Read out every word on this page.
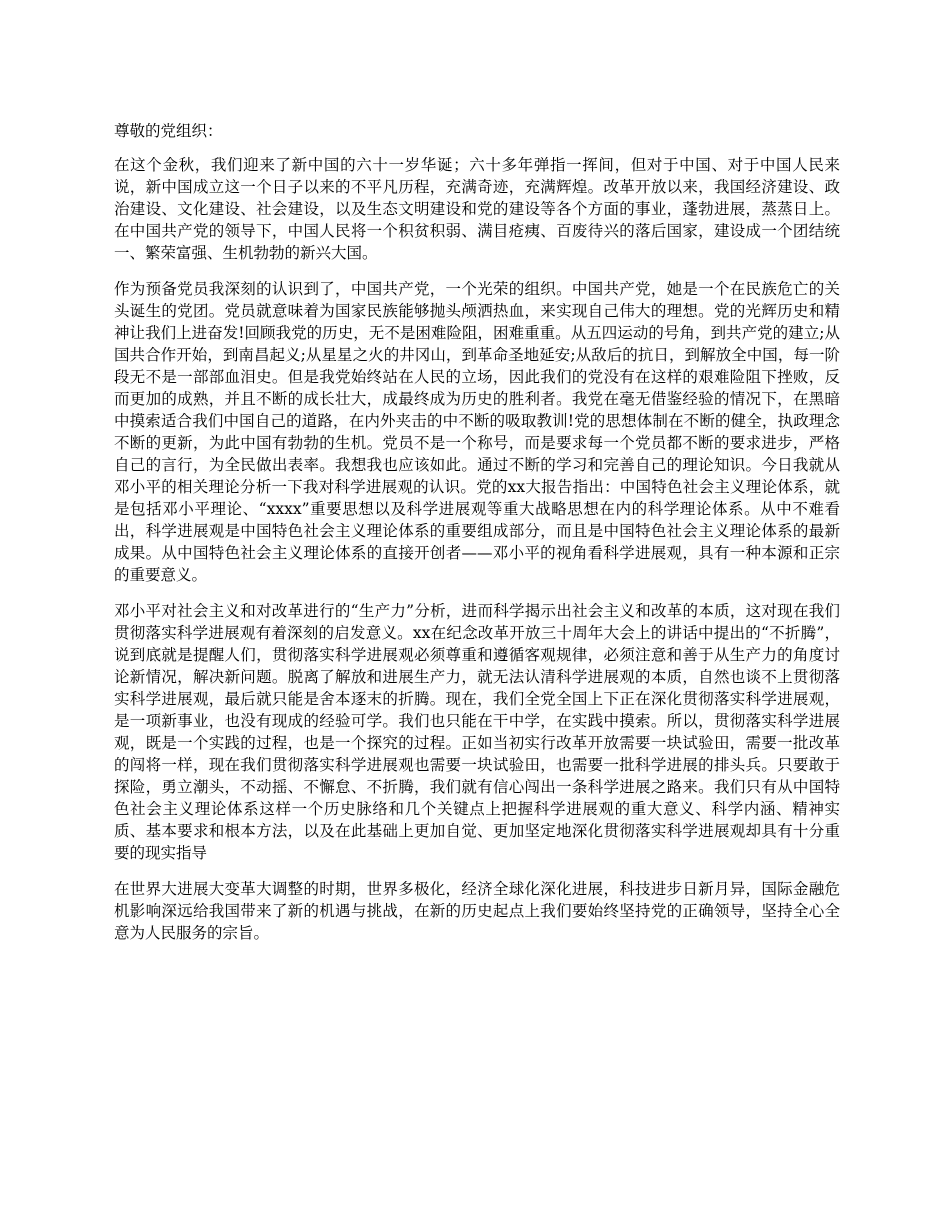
尊敬的党组织：

在这个金秋，我们迎来了新中国的六十一岁华诞；六十多年弹指一挥间，但对于中国、对于中国人民来说，新中国成立这一个日子以来的不平凡历程，充满奇迹，充满辉煌。改革开放以来，我国经济建设、政治建设、文化建设、社会建设，以及生态文明建设和党的建设等各个方面的事业，蓬勃进展，蒸蒸日上。在中国共产党的领导下，中国人民将一个积贫积弱、满目疮痍、百废待兴的落后国家，建设成一个团结统一、繁荣富强、生机勃勃的新兴大国。

作为预备党员我深刻的认识到了，中国共产党，一个光荣的组织。中国共产党，她是一个在民族危亡的关头诞生的党团。党员就意味着为国家民族能够抛头颅洒热血，来实现自己伟大的理想。党的光辉历史和精神让我们上进奋发!回顾我党的历史，无不是困难险阻，困难重重。从五四运动的号角，到共产党的建立;从国共合作开始，到南昌起义;从星星之火的井冈山，到革命圣地延安;从敌后的抗日，到解放全中国，每一阶段无不是一部部血泪史。但是我党始终站在人民的立场，因此我们的党没有在这样的艰难险阻下挫败，反而更加的成熟，并且不断的成长壮大，成最终成为历史的胜利者。我党在毫无借鉴经验的情况下，在黑暗中摸索适合我们中国自己的道路，在内外夹击的中不断的吸取教训!党的思想体制在不断的健全，执政理念不断的更新，为此中国有勃勃的生机。党员不是一个称号，而是要求每一个党员都不断的要求进步，严格自己的言行，为全民做出表率。我想我也应该如此。通过不断的学习和完善自己的理论知识。今日我就从邓小平的相关理论分析一下我对科学进展观的认识。党的xx大报告指出：中国特色社会主义理论体系，就是包括邓小平理论、“xxxx”重要思想以及科学进展观等重大战略思想在内的科学理论体系。从中不难看出，科学进展观是中国特色社会主义理论体系的重要组成部分，而且是中国特色社会主义理论体系的最新成果。从中国特色社会主义理论体系的直接开创者——邓小平的视角看科学进展观，具有一种本源和正宗的重要意义。

邓小平对社会主义和对改革进行的“生产力”分析，进而科学揭示出社会主义和改革的本质，这对现在我们贯彻落实科学进展观有着深刻的启发意义。xx在纪念改革开放三十周年大会上的讲话中提出的“不折腾”，说到底就是提醒人们，贯彻落实科学进展观必须尊重和遵循客观规律，必须注意和善于从生产力的角度讨论新情况，解决新问题。脱离了解放和进展生产力，就无法认清科学进展观的本质，自然也谈不上贯彻落实科学进展观，最后就只能是舍本逐末的折腾。现在，我们全党全国上下正在深化贯彻落实科学进展观，是一项新事业，也没有现成的经验可学。我们也只能在干中学，在实践中摸索。所以，贯彻落实科学进展观，既是一个实践的过程，也是一个探究的过程。正如当初实行改革开放需要一块试验田，需要一批改革的闯将一样，现在我们贯彻落实科学进展观也需要一块试验田，也需要一批科学进展的排头兵。只要敢于探险，勇立潮头，不动摇、不懈怠、不折腾，我们就有信心闯出一条科学进展之路来。我们只有从中国特色社会主义理论体系这样一个历史脉络和几个关键点上把握科学进展观的重大意义、科学内涵、精神实质、基本要求和根本方法，以及在此基础上更加自觉、更加坚定地深化贯彻落实科学进展观却具有十分重要的现实指导

在世界大进展大变革大调整的时期，世界多极化，经济全球化深化进展，科技进步日新月异，国际金融危机影响深远给我国带来了新的机遇与挑战，在新的历史起点上我们要始终坚持党的正确领导，坚持全心全意为人民服务的宗旨。
